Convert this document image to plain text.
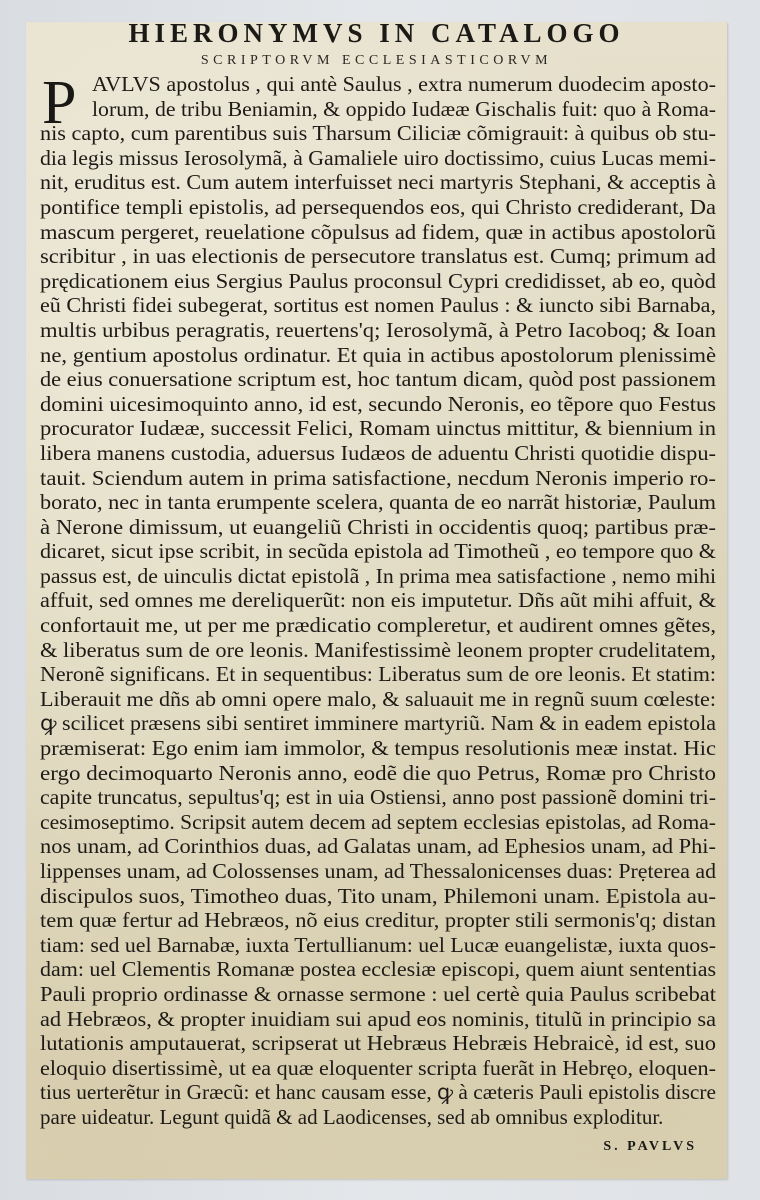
HIERONYMVS IN CATALOGO
SCRIPTORVM ECCLESIASTICORVM
P AVLVS apostolus , qui antè Saulus , extra numerum duodecim aposto-
lorum, de tribu Beniamin, & oppido Iudææ Gischalis fuit: quo à Roma-
nis capto, cum parentibus suis Tharsum Ciliciæ cõmigrauit: à quibus ob stu-
dia legis missus Ierosolymã, à Gamaliele uiro doctissimo, cuius Lucas memi-
nit, eruditus est. Cum autem interfuisset neci martyris Stephani, & acceptis à
pontifice templi epistolis, ad persequendos eos, qui Christo crediderant, Da
mascum pergeret, reuelatione cõpulsus ad fidem, quæ in actibus apostolorũ
scribitur , in uas electionis de persecutore translatus est. Cumq; primum ad
prędicationem eius Sergius Paulus proconsul Cypri credidisset, ab eo, quòd
eũ Christi fidei subegerat, sortitus est nomen Paulus : & iuncto sibi Barnaba,
multis urbibus peragratis, reuertens'q; Ierosolymã, à Petro Iacoboq; & Ioan
ne, gentium apostolus ordinatur. Et quia in actibus apostolorum plenissimè
de eius conuersatione scriptum est, hoc tantum dicam, quòd post passionem
domini uicesimoquinto anno, id est, secundo Neronis, eo tẽpore quo Festus
procurator Iudææ, successit Felici, Romam uinctus mittitur, & biennium in
libera manens custodia, aduersus Iudæos de aduentu Christi quotidie dispu-
tauit. Sciendum autem in prima satisfactione, necdum Neronis imperio ro-
borato, nec in tanta erumpente scelera, quanta de eo narrãt historiæ, Paulum
à Nerone dimissum, ut euangeliũ Christi in occidentis quoq; partibus præ-
dicaret, sicut ipse scribit, in secũda epistola ad Timotheũ , eo tempore quo &
passus est, de uinculis dictat epistolã , In prima mea satisfactione , nemo mihi
affuit, sed omnes me dereliquerũt: non eis imputetur. Dñs aũt mihi affuit, &
confortauit me, ut per me prædicatio compleretur, et audirent omnes gẽtes,
& liberatus sum de ore leonis. Manifestissimè leonem propter crudelitatem,
Neronẽ significans. Et in sequentibus: Liberatus sum de ore leonis. Et statim:
Liberauit me dñs ab omni opere malo, & saluauit me in regnũ suum cœleste:
ꝙ scilicet præsens sibi sentiret imminere martyriũ. Nam & in eadem epistola
præmiserat: Ego enim iam immolor, & tempus resolutionis meæ instat. Hic
ergo decimoquarto Neronis anno, eodẽ die quo Petrus, Romæ pro Christo
capite truncatus, sepultus'q; est in uia Ostiensi, anno post passionẽ domini tri-
cesimoseptimo. Scripsit autem decem ad septem ecclesias epistolas, ad Roma-
nos unam, ad Corinthios duas, ad Galatas unam, ad Ephesios unam, ad Phi-
lippenses unam, ad Colossenses unam, ad Thessalonicenses duas: Prẹterea ad
discipulos suos, Timotheo duas, Tito unam, Philemoni unam. Epistola au-
tem quæ fertur ad Hebræos, nõ eius creditur, propter stili sermonis'q; distan
tiam: sed uel Barnabæ, iuxta Tertullianum: uel Lucæ euangelistæ, iuxta quos-
dam: uel Clementis Romanæ postea ecclesiæ episcopi, quem aiunt sententias
Pauli proprio ordinasse & ornasse sermone : uel certè quia Paulus scribebat
ad Hebræos, & propter inuidiam sui apud eos nominis, titulũ in principio sa
lutationis amputauerat, scripserat ut Hebræus Hebræis Hebraicè, id est, suo
eloquio disertissimè, ut ea quæ eloquenter scripta fuerãt in Hebręo, eloquen-
tius uerterẽtur in Græcũ: et hanc causam esse, ꝙ à cæteris Pauli epistolis discre
pare uideatur. Legunt quidã & ad Laodicenses, sed ab omnibus exploditur.
S. PAVLVS
